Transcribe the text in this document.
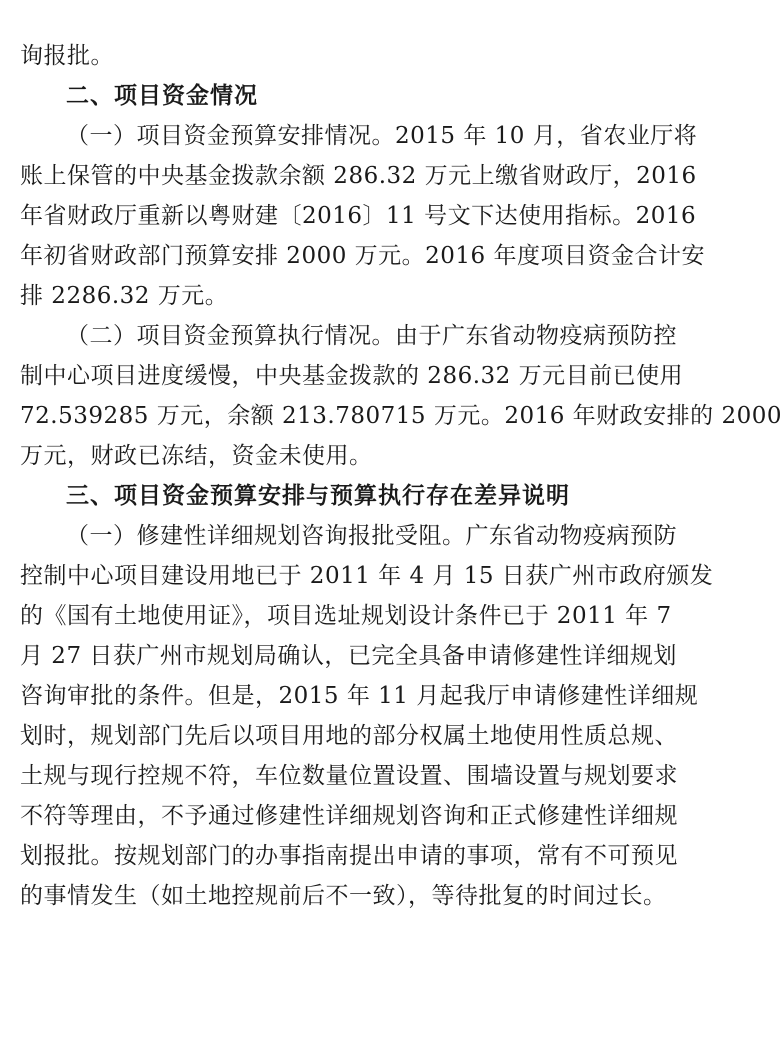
询报批。
二、项目资金情况
（一）项目资金预算安排情况。2015 年 10 月，省农业厅将
账上保管的中央基金拨款余额 286.32 万元上缴省财政厅，2016
年省财政厅重新以粤财建〔2016〕11 号文下达使用指标。2016
年初省财政部门预算安排 2000 万元。2016 年度项目资金合计安
排 2286.32 万元。
（二）项目资金预算执行情况。由于广东省动物疫病预防控
制中心项目进度缓慢，中央基金拨款的 286.32 万元目前已使用
72.539285 万元，余额 213.780715 万元。2016 年财政安排的 2000
万元，财政已冻结，资金未使用。
三、项目资金预算安排与预算执行存在差异说明
（一）修建性详细规划咨询报批受阻。广东省动物疫病预防
控制中心项目建设用地已于 2011 年 4 月 15 日获广州市政府颁发
的《国有土地使用证》，项目选址规划设计条件已于 2011 年 7
月 27 日获广州市规划局确认，已完全具备申请修建性详细规划
咨询审批的条件。但是，2015 年 11 月起我厅申请修建性详细规
划时，规划部门先后以项目用地的部分权属土地使用性质总规、
土规与现行控规不符，车位数量位置设置、围墙设置与规划要求
不符等理由，不予通过修建性详细规划咨询和正式修建性详细规
划报批。按规划部门的办事指南提出申请的事项，常有不可预见
的事情发生（如土地控规前后不一致），等待批复的时间过长。
